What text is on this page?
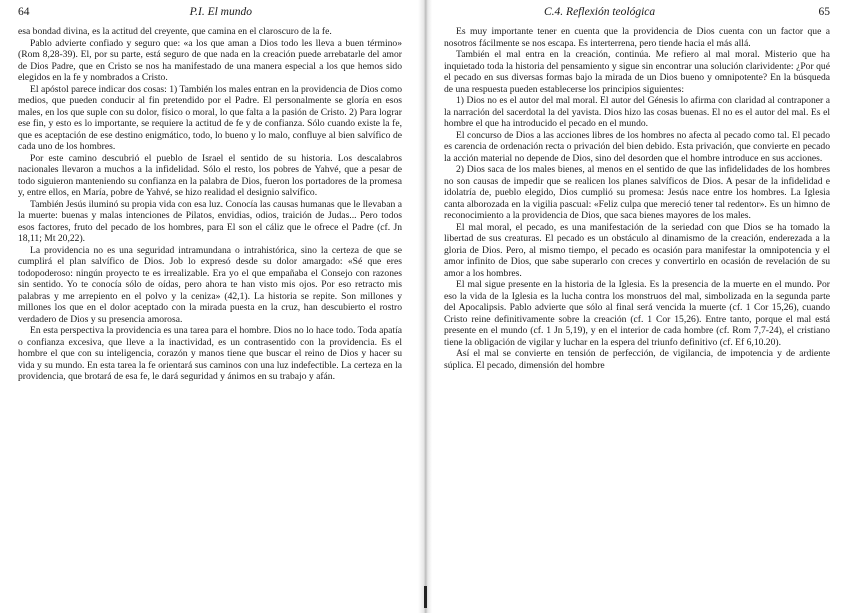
64	P.I. El mundo

esa bondad divina, es la actitud del creyente, que camina en el claroscuro de la fe.

Pablo advierte confiado y seguro que: «a los que aman a Dios todo les lleva a buen término» (Rom 8,28-39). El, por su parte, está seguro de que nada en la creación puede arrebatarle del amor de Dios Padre, que en Cristo se nos ha manifestado de una manera especial a los que hemos sido elegidos en la fe y nombrados a Cristo.

El apóstol parece indicar dos cosas: 1) También los males entran en la providencia de Dios como medios, que pueden conducir al fin pretendido por el Padre. El personalmente se gloría en esos males, en los que suple con su dolor, físico o moral, lo que falta a la pasión de Cristo. 2) Para lograr ese fin, y esto es lo importante, se requiere la actitud de fe y de confianza. Sólo cuando existe la fe, que es aceptación de ese destino enigmático, todo, lo bueno y lo malo, confluye al bien salvífico de cada uno de los hombres.

Por este camino descubrió el pueblo de Israel el sentido de su historia. Los descalabros nacionales llevaron a muchos a la infidelidad. Sólo el resto, los pobres de Yahvé, que a pesar de todo siguieron manteniendo su confianza en la palabra de Dios, fueron los portadores de la promesa y, entre ellos, en María, pobre de Yahvé, se hizo realidad el designio salvífico.

También Jesús iluminó su propia vida con esa luz. Conocía las causas humanas que le llevaban a la muerte: buenas y malas intenciones de Pilatos, envidias, odios, traición de Judas... Pero todos esos factores, fruto del pecado de los hombres, para El son el cáliz que le ofrece el Padre (cf. Jn 18,11; Mt 20,22).

La providencia no es una seguridad intramundana o intrahistórica, sino la certeza de que se cumplirá el plan salvífico de Dios. Job lo expresó desde su dolor amargado: «Sé que eres todopoderoso: ningún proyecto te es irrealizable. Era yo el que empañaba el Consejo con razones sin sentido. Yo te conocía sólo de oídas, pero ahora te han visto mis ojos. Por eso retracto mis palabras y me arrepiento en el polvo y la ceniza» (42,1). La historia se repite. Son millones y millones los que en el dolor aceptado con la mirada puesta en la cruz, han descubierto el rostro verdadero de Dios y su presencia amorosa.

En esta perspectiva la providencia es una tarea para el hombre. Dios no lo hace todo. Toda apatía o confianza excesiva, que lleve a la inactividad, es un contrasentido con la providencia. Es el hombre el que con su inteligencia, corazón y manos tiene que buscar el reino de Dios y hacer su vida y su mundo. En esta tarea la fe orientará sus caminos con una luz indefectible. La certeza en la providencia, que brotará de esa fe, le dará seguridad y ánimos en su trabajo y afán.

C.4. Reflexión teológica	65

Es muy importante tener en cuenta que la providencia de Dios cuenta con un factor que a nosotros fácilmente se nos escapa. Es interterrena, pero tiende hacia el más allá.

También el mal entra en la creación, continúa. Me refiero al mal moral. Misterio que ha inquietado toda la historia del pensamiento y sigue sin encontrar una solución clarividente: ¿Por qué el pecado en sus diversas formas bajo la mirada de un Dios bueno y omnipotente? En la búsqueda de una respuesta pueden establecerse los principios siguientes:

1) Dios no es el autor del mal moral. El autor del Génesis lo afirma con claridad al contraponer a la narración del sacerdotal la del yavista. Dios hizo las cosas buenas. El no es el autor del mal. Es el hombre el que ha introducido el pecado en el mundo.

El concurso de Dios a las acciones libres de los hombres no afecta al pecado como tal. El pecado es carencia de ordenación recta o privación del bien debido. Esta privación, que convierte en pecado la acción material no depende de Dios, sino del desorden que el hombre introduce en sus acciones.

2) Dios saca de los males bienes, al menos en el sentido de que las infidelidades de los hombres no son causas de impedir que se realicen los planes salvíficos de Dios. A pesar de la infidelidad e idolatría de, pueblo elegido, Dios cumplió su promesa: Jesús nace entre los hombres. La Iglesia canta alborozada en la vigilia pascual: «Feliz culpa que mereció tener tal redentor». Es un himno de reconocimiento a la providencia de Dios, que saca bienes mayores de los males.

El mal moral, el pecado, es una manifestación de la seriedad con que Dios se ha tomado la libertad de sus creaturas. El pecado es un obstáculo al dinamismo de la creación, enderezada a la gloria de Dios. Pero, al mismo tiempo, el pecado es ocasión para manifestar la omnipotencia y el amor infinito de Dios, que sabe superarlo con creces y convertirlo en ocasión de revelación de su amor a los hombres.

El mal sigue presente en la historia de la Iglesia. Es la presencia de la muerte en el mundo. Por eso la vida de la Iglesia es la lucha contra los monstruos del mal, simbolizada en la segunda parte del Apocalipsis. Pablo advierte que sólo al final será vencida la muerte (cf. 1 Cor 15,26), cuando Cristo reine definitivamente sobre la creación (cf. 1 Cor 15,26). Entre tanto, porque el mal está presente en el mundo (cf. 1 Jn 5,19), y en el interior de cada hombre (cf. Rom 7,7-24), el cristiano tiene la obligación de vigilar y luchar en la espera del triunfo definitivo (cf. Ef 6,10.20).

Así el mal se convierte en tensión de perfección, de vigilancia, de impotencia y de ardiente súplica. El pecado, dimensión del hombre
